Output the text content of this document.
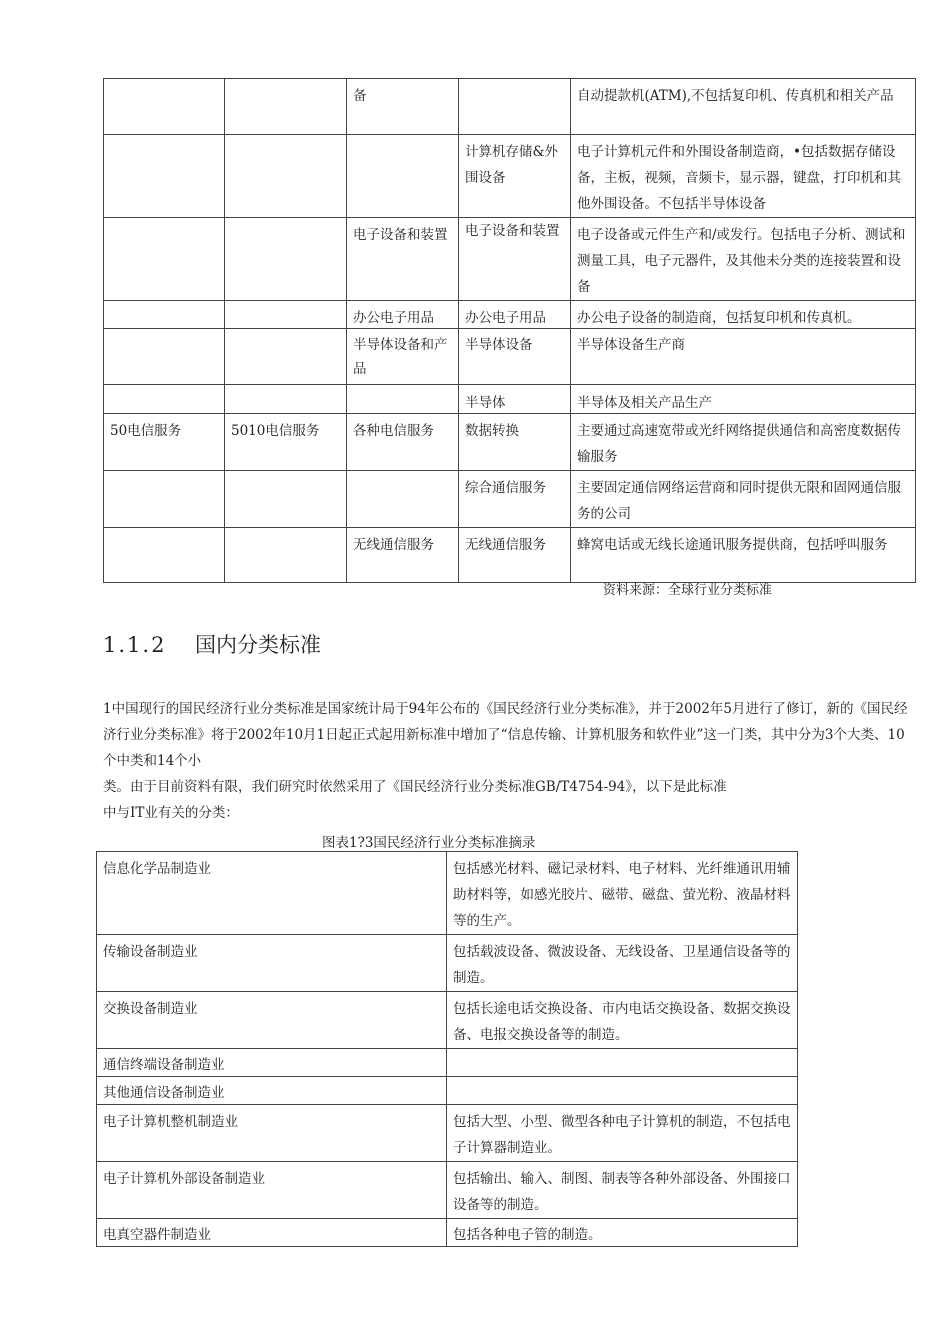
		备		自动提款机(ATM),不包括复印机、传真机和相关产品
			计算机存储&外围设备	电子计算机元件和外围设备制造商，•包括数据存储设备，主板，视频，音频卡，显示器，键盘，打印机和其他外围设备。不包括半导体设备
		电子设备和装置	电子设备和装置	电子设备或元件生产和/或发行。包括电子分析、测试和测量工具，电子元器件，及其他未分类的连接装置和设备
		办公电子用品	办公电子用品	办公电子设备的制造商，包括复印机和传真机。
		半导体设备和产品	半导体设备	半导体设备生产商
			半导体	半导体及相关产品生产
50电信服务	5010电信服务	各种电信服务	数据转换	主要通过高速宽带或光纤网络提供通信和高密度数据传输服务
			综合通信服务	主要固定通信网络运营商和同时提供无限和固网通信服务的公司
		无线通信服务	无线通信服务	蜂窝电话或无线长途通讯服务提供商，包括呼叫服务
资料来源：全球行业分类标准
1.1.2 国内分类标准

1中国现行的国民经济行业分类标准是国家统计局于94年公布的《国民经济行业分类标准》，并于2002年5月进行了修订，新的《国民经济行业分类标准》将于2002年10月1日起正式起用新标准中增加了“信息传输、计算机服务和软件业”这一门类，其中分为3个大类、10个中类和14个小

类。由于目前资料有限，我们研究时依然采用了《国民经济行业分类标准GB/T4754-94》，以下是此标准

中与IT业有关的分类：

图表1?3国民经济行业分类标准摘录
信息化学品制造业	包括感光材料、磁记录材料、电子材料、光纤维通讯用辅助材料等，如感光胶片、磁带、磁盘、萤光粉、液晶材料等的生产。
传输设备制造业	包括载波设备、微波设备、无线设备、卫星通信设备等的制造。
交换设备制造业	包括长途电话交换设备、市内电话交换设备、数据交换设备、电报交换设备等的制造。
通信终端设备制造业	
其他通信设备制造业	
电子计算机整机制造业	包括大型、小型、微型各种电子计算机的制造，不包括电子计算器制造业。
电子计算机外部设备制造业	包括输出、输入、制图、制表等各种外部设备、外围接口设备等的制造。
电真空器件制造业	包括各种电子管的制造。
